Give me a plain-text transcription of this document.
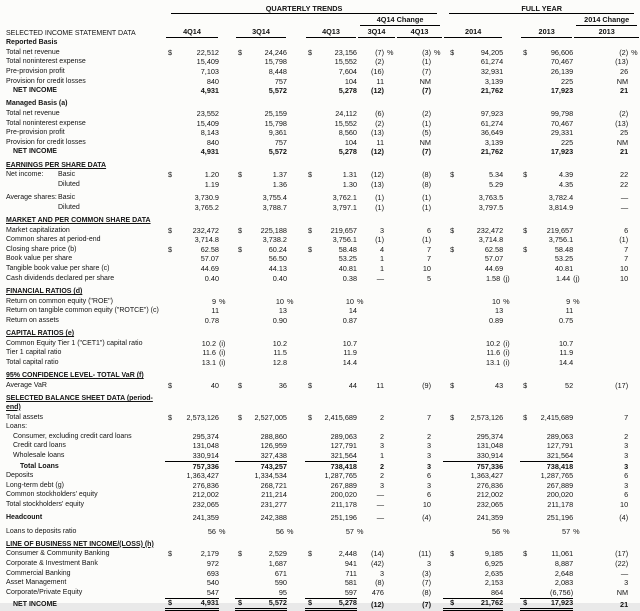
	QUARTERLY TRENDS												FULL YEAR						

									4Q14 Change									2014 Change	

SELECTED INCOME STATEMENT DATA	4Q14			3Q14			4Q13		3Q14		4Q13		2014			2013		2013	

Reported Basis																			
Total net revenue	$	22,512		$	24,246		$	23,156	(7)	%	(3)	%	$	94,205		$	96,606	(2)	%
Total noninterest expense		15,409			15,798			15,552	(2)		(1)			61,274			70,467	(13)	
Pre-provision profit		7,103			8,448			7,604	(16)		(7)			32,931			26,139	26	
Provision for credit losses		840			757			104	11		NM			3,139			225	NM	
NET INCOME		4,931			5,572			5,278	(12)		(7)			21,762			17,923	21	
Managed Basis (a)																			
Total net revenue		23,552			25,159			24,112	(6)		(2)			97,923			99,798	(2)	
Total noninterest expense		15,409			15,798			15,552	(2)		(1)			61,274			70,467	(13)	
Pre-provision profit		8,143			9,361			8,560	(13)		(5)			36,649			29,331	25	
Provision for credit losses		840			757			104	11		NM			3,139			225	NM	
NET INCOME		4,931			5,572			5,278	(12)		(7)			21,762			17,923	21	
EARNINGS PER SHARE DATA																			
Net income: Basic	$	1.20		$	1.37		$	1.31	(12)		(8)		$	5.34		$	4.39	22	

Diluted		1.19			1.36			1.30	(13)		(8)			5.29			4.35	22	
Average shares: Basic		3,730.9			3,755.4			3,762.1	(1)		(1)			3,763.5			3,782.4	—	

Diluted		3,765.2			3,788.7			3,797.1	(1)		(1)			3,797.5			3,814.9	—	
MARKET AND PER COMMON SHARE DATA																			
Market capitalization	$	232,472		$	225,188		$	219,657	3		6		$	232,472		$	219,657	6	
Common shares at period-end		3,714.8			3,738.2			3,756.1	(1)		(1)			3,714.8			3,756.1	(1)	
Closing share price (b)	$	62.58		$	60.24		$	58.48	4		7		$	62.58		$	58.48	7	
Book value per share		57.07			56.50			53.25	1		7			57.07			53.25	7	
Tangible book value per share (c)		44.69			44.13			40.81	1		10			44.69			40.81	10	
Cash dividends declared per share		0.40			0.40			0.38	—		5			1.58 (j)			1.44 (j)	10	
FINANCIAL RATIOS (d)																			
Return on common equity ("ROE")		9 %			10 %			10 %						10 %			9 %		
Return on tangible common equity ("ROTCE") (c)		11			13			14						13			11		
Return on assets		0.78			0.90			0.87						0.89			0.75		
CAPITAL RATIOS (e)																			
Common Equity Tier 1 ("CET1") capital ratio		10.2 (i)			10.2			10.7						10.2 (i)			10.7		
Tier 1 capital ratio		11.6 (i)			11.5			11.9						11.6 (i)			11.9		
Total capital ratio		13.1 (i)			12.8			14.4						13.1 (i)			14.4		
95% CONFIDENCE LEVEL- TOTAL VaR (f)																			
Average VaR	$	40		$	36		$	44	11		(9)		$	43		$	52	(17)	
SELECTED BALANCE SHEET DATA (period-end)																			
Total assets	$	2,573,126		$	2,527,005		$	2,415,689	2		7		$	2,573,126		$	2,415,689	7	
Loans:																			
Consumer, excluding credit card loans		295,374			288,860			289,063	2		2			295,374			289,063	2	
Credit card loans		131,048			126,959			127,791	3		3			131,048			127,791	3	
Wholesale loans		330,914			327,438			321,564	1		3			330,914			321,564	3	
Total Loans		757,336			743,257			738,418	2		3			757,336			738,418	3	
Deposits		1,363,427			1,334,534			1,287,765	2		6			1,363,427			1,287,765	6	
Long-term debt (g)		276,836			268,721			267,889	3		3			276,836			267,889	3	
Common stockholders' equity		212,002			211,214			200,020	—		6			212,002			200,020	6	
Total stockholders' equity		232,065			231,277			211,178	—		10			232,065			211,178	10	
Headcount		241,359			242,388			251,196	—		(4)			241,359			251,196	(4)	
Loans to deposits ratio		56 %			56 %			57 %						56 %			57 %		
LINE OF BUSINESS NET INCOME/(LOSS) (h)																			
Consumer & Community Banking	$	2,179		$	2,529		$	2,448	(14)		(11)		$	9,185		$	11,061	(17)	
Corporate & Investment Bank		972			1,687			941	(42)		3			6,925			8,887	(22)	
Commercial Banking		693			671			711	3		(3)			2,635			2,648	—	
Asset Management		540			590			581	(8)		(7)			2,153			2,083	3	
Corporate/Private Equity		547			95			597	476		(8)			864			(6,756)	NM	
NET INCOME	$	4,931		$	5,572		$	5,278	(12)		(7)		$	21,762		$	17,923	21	
